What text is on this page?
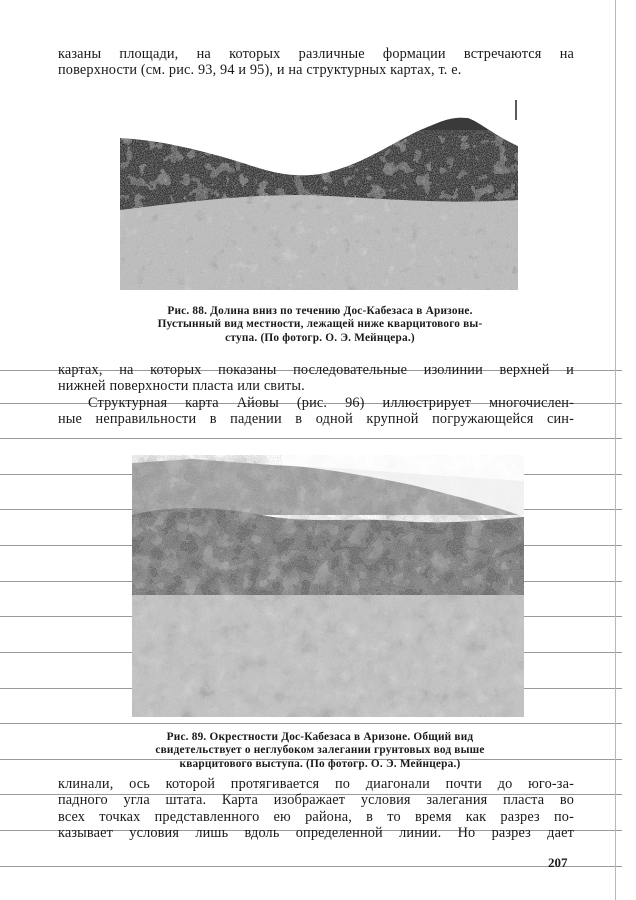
казаны площади, на которых различные формации встречаются на
поверхности (см. рис. 93, 94 и 95), и на структурных картах, т. е.
Рис. 88. Долина вниз по течению Дос-Кабезаса в Аризоне.
Пустынный вид местности, лежащей ниже кварцитового вы-
ступа. (По фотогр. О. Э. Мейнцера.)
картах, на которых показаны последовательные изолинии верхней и
нижней поверхности пласта или свиты.
Структурная карта Айовы (рис. 96) иллюстрирует многочислен-
ные неправильности в падении в одной крупной погружающейся син-
Рис. 89. Окрестности Дос-Кабезаса в Аризоне. Общий вид
свидетельствует о неглубоком залегании грунтовых вод выше
кварцитового выступа. (По фотогр. О. Э. Мейнцера.)
клинали, ось которой протягивается по диагонали почти до юго-за-
падного угла штата. Карта изображает условия залегания пласта во
всех точках представленного ею района, в то время как разрез по-
казывает условия лишь вдоль определенной линии. Но разрез дает
207
